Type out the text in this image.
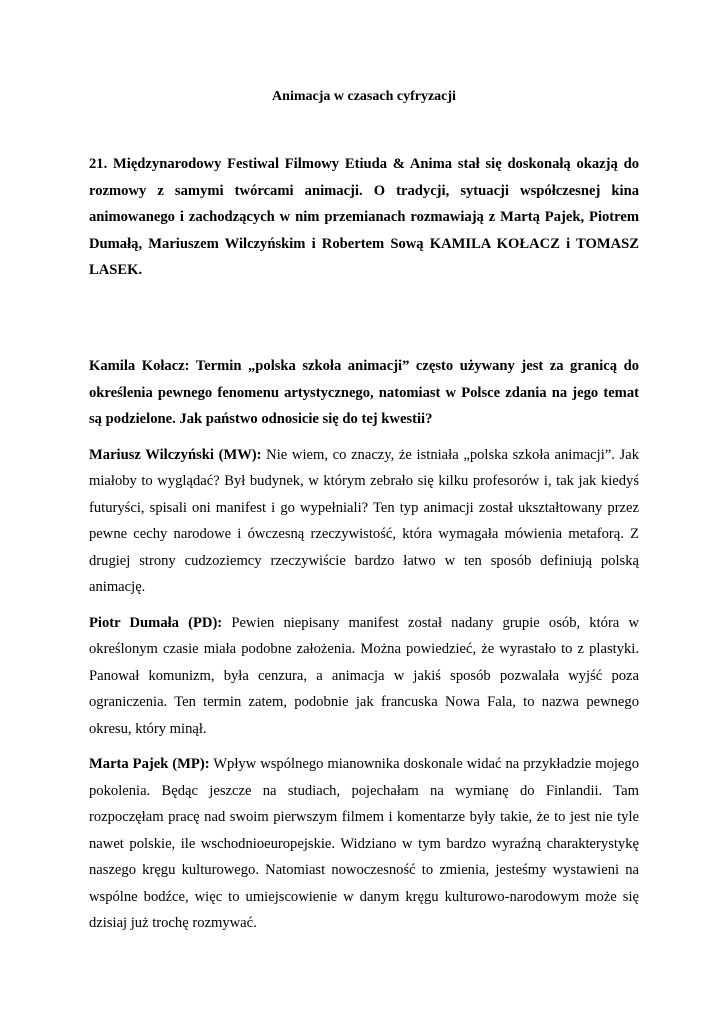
Animacja w czasach cyfryzacji

21. Międzynarodowy Festiwal Filmowy Etiuda & Anima stał się doskonałą okazją do rozmowy z samymi twórcami animacji. O tradycji, sytuacji współczesnej kina animowanego i zachodzących w nim przemianach rozmawiają z Martą Pajek, Piotrem Dumałą, Mariuszem Wilczyńskim i Robertem Sową KAMILA KOŁACZ i TOMASZ LASEK.

Kamila Kołacz: Termin „polska szkoła animacji” często używany jest za granicą do określenia pewnego fenomenu artystycznego, natomiast w Polsce zdania na jego temat są podzielone. Jak państwo odnosicie się do tej kwestii?

Mariusz Wilczyński (MW): Nie wiem, co znaczy, że istniała „polska szkoła animacji”. Jak miałoby to wyglądać? Był budynek, w którym zebrało się kilku profesorów i, tak jak kiedyś futuryści, spisali oni manifest i go wypełniali? Ten typ animacji został ukształtowany przez pewne cechy narodowe i ówczesną rzeczywistość, która wymagała mówienia metaforą. Z drugiej strony cudzoziemcy rzeczywiście bardzo łatwo w ten sposób definiują polską animację.

Piotr Dumała (PD): Pewien niepisany manifest został nadany grupie osób, która w określonym czasie miała podobne założenia. Można powiedzieć, że wyrastało to z plastyki. Panował komunizm, była cenzura, a animacja w jakiś sposób pozwalała wyjść poza ograniczenia. Ten termin zatem, podobnie jak francuska Nowa Fala, to nazwa pewnego okresu, który minął.

Marta Pajek (MP): Wpływ wspólnego mianownika doskonale widać na przykładzie mojego pokolenia. Będąc jeszcze na studiach, pojechałam na wymianę do Finlandii. Tam rozpoczęłam pracę nad swoim pierwszym filmem i komentarze były takie, że to jest nie tyle nawet polskie, ile wschodnioeuropejskie. Widziano w tym bardzo wyraźną charakterystykę naszego kręgu kulturowego. Natomiast nowoczesność to zmienia, jesteśmy wystawieni na wspólne bodźce, więc to umiejscowienie w danym kręgu kulturowo-narodowym może się dzisiaj już trochę rozmywać.
